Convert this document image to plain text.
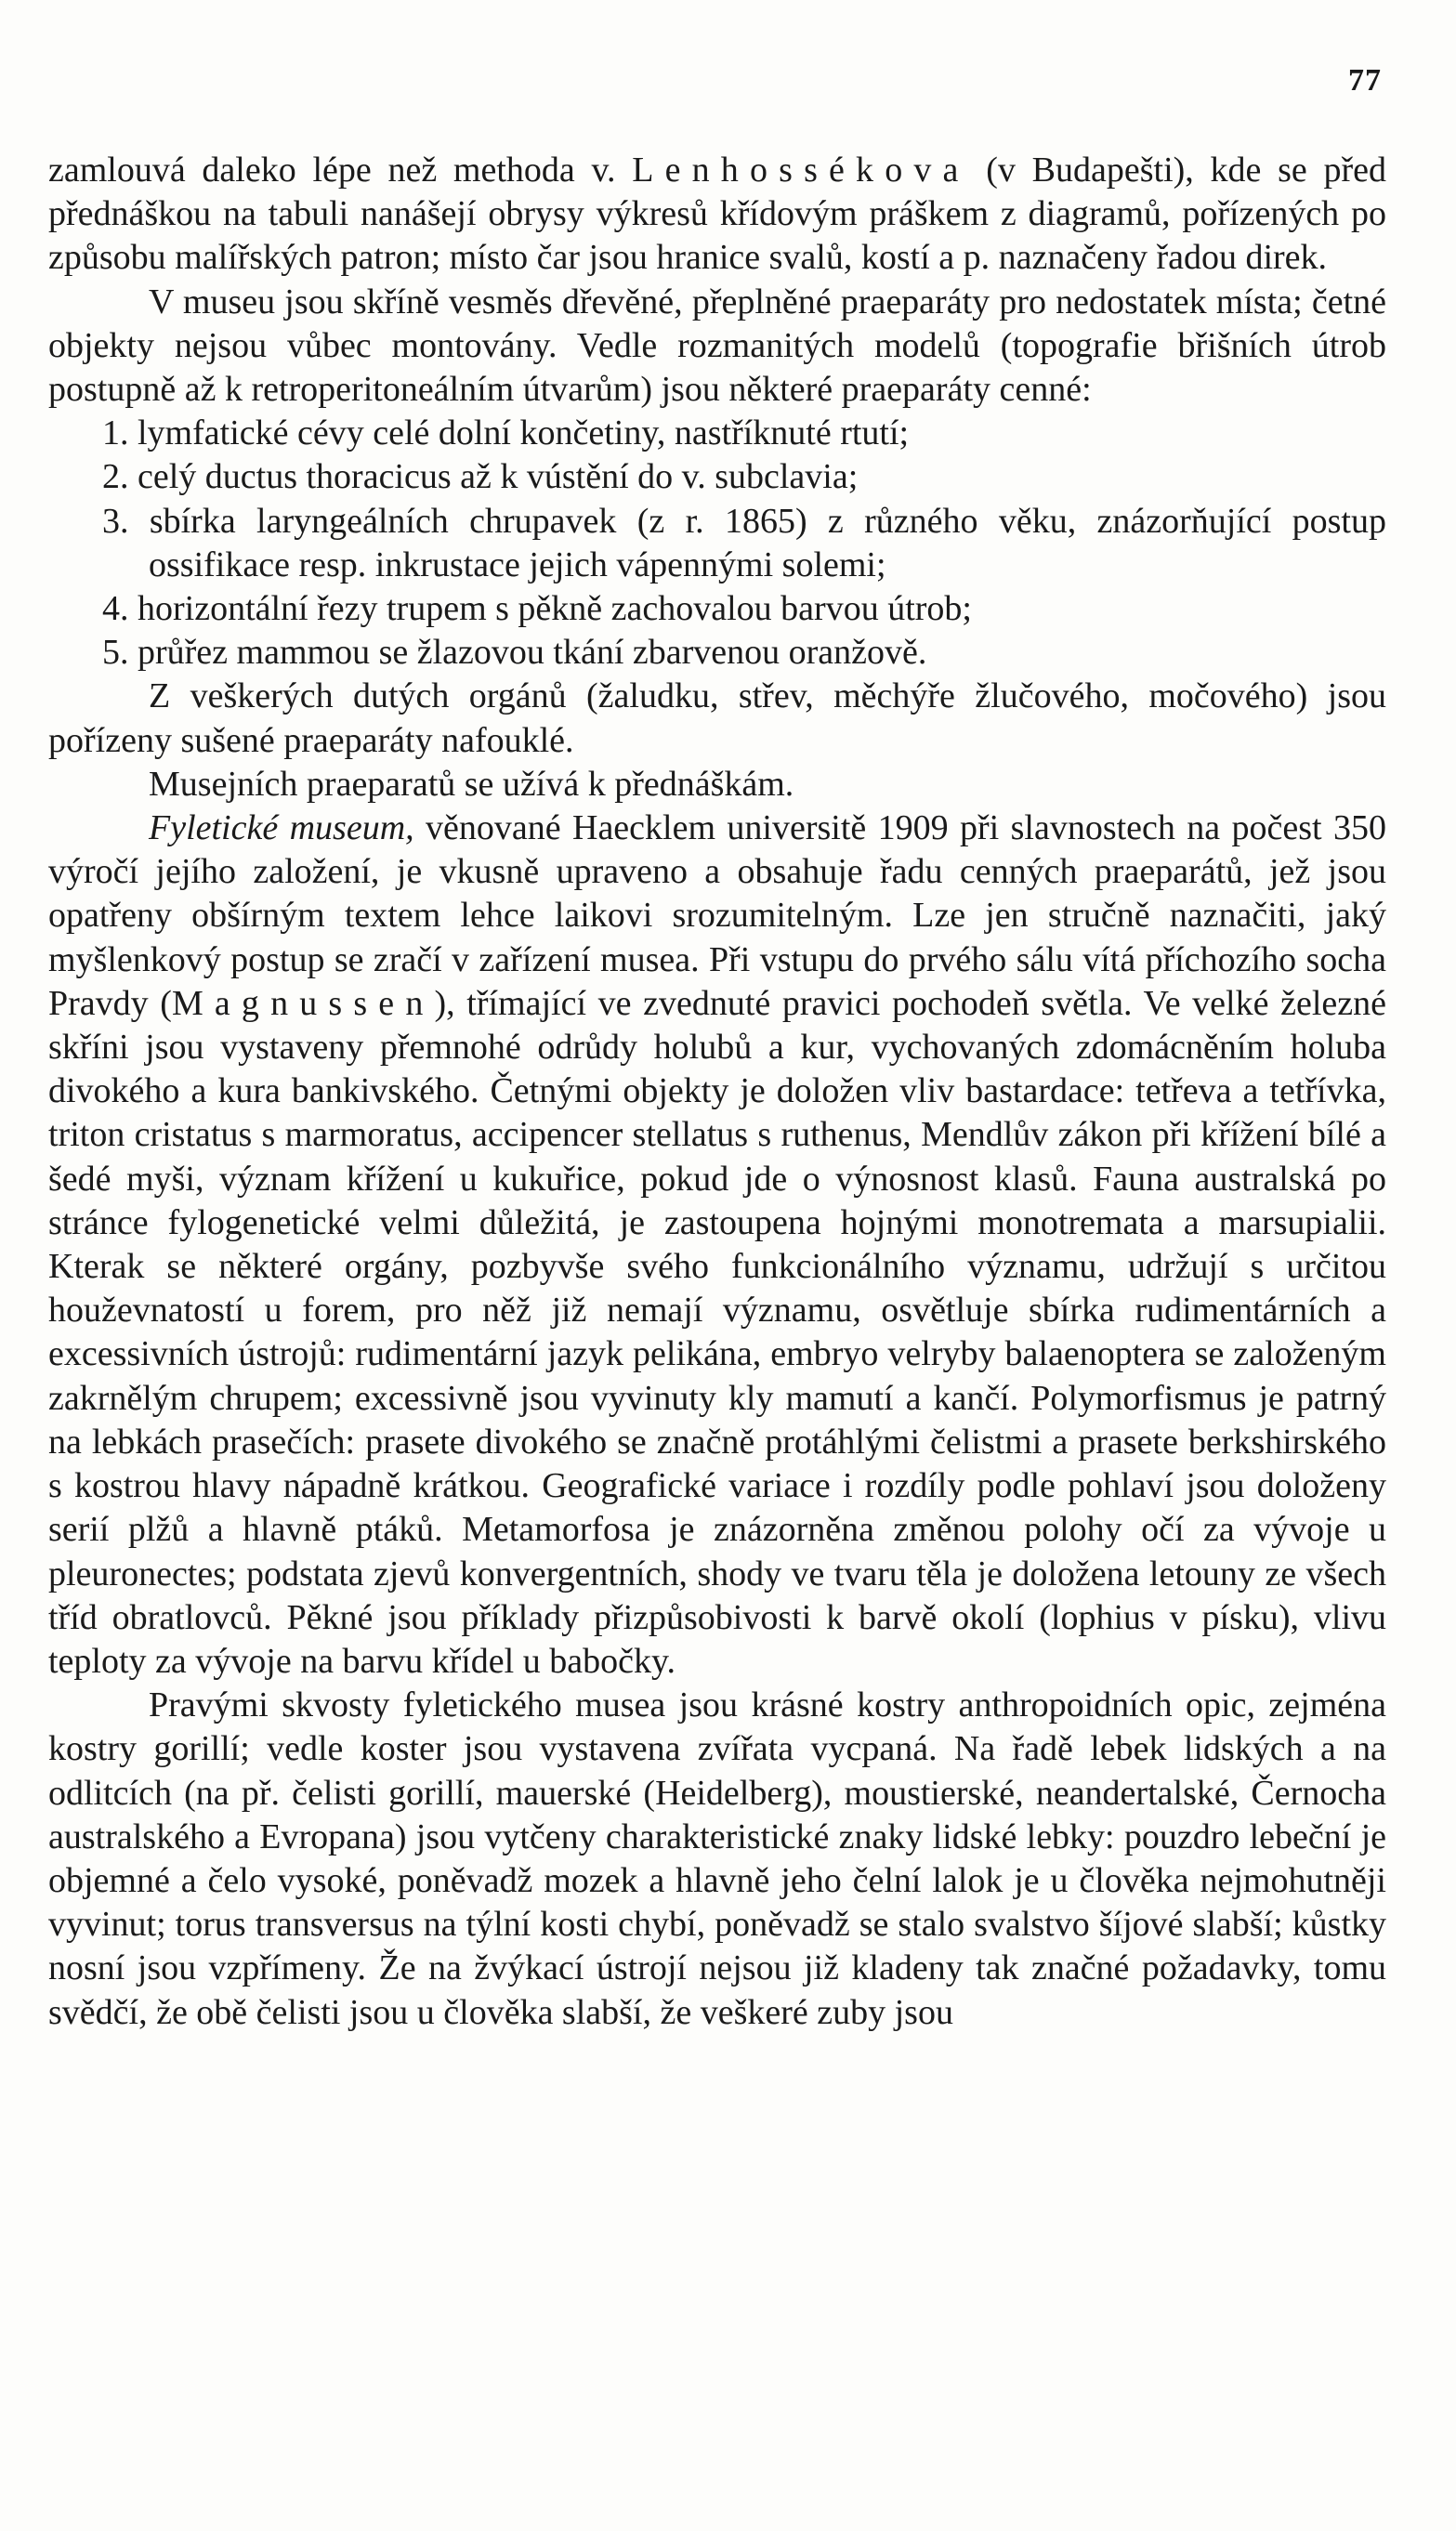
77

zamlouvá daleko lépe než methoda v. Lenhossékova (v Budapešti), kde se před přednáškou na tabuli nanášejí obrysy výkresů křídovým práškem z diagramů, pořízených po způsobu malířských patron; místo čar jsou hranice svalů, kostí a p. naznačeny řadou direk.

V museu jsou skříně vesměs dřevěné, přeplněné praeparáty pro nedostatek místa; četné objekty nejsou vůbec montovány. Vedle rozmanitých modelů (topografie břišních útrob postupně až k retroperitoneálním útvarům) jsou některé praeparáty cenné:

1. lymfatické cévy celé dolní končetiny, nastříknuté rtutí;

2. celý ductus thoracicus až k vústění do v. subclavia;

3. sbírka laryngeálních chrupavek (z r. 1865) z různého věku, znázorňující postup ossifikace resp. inkrustace jejich vápennými solemi;

4. horizontální řezy trupem s pěkně zachovalou barvou útrob;

5. průřez mammou se žlazovou tkání zbarvenou oranžově.

Z veškerých dutých orgánů (žaludku, střev, měchýře žlučového, močového) jsou pořízeny sušené praeparáty nafouklé.

Musejních praeparatů se užívá k přednáškám.

Fyletické museum, věnované Haecklem universitě 1909 při slavnostech na počest 350 výročí jejího založení, je vkusně upraveno a obsahuje řadu cenných praeparátů, jež jsou opatřeny obšírným textem lehce laikovi srozumitelným. Lze jen stručně naznačiti, jaký myšlenkový postup se zračí v zařízení musea. Při vstupu do prvého sálu vítá příchozího socha Pravdy (Magnussen), třímající ve zvednuté pravici pochodeň světla. Ve velké železné skříni jsou vystaveny přemnohé odrůdy holubů a kur, vychovaných zdomácněním holuba divokého a kura bankivského. Četnými objekty je doložen vliv bastardace: tetřeva a tetřívka, triton cristatus s marmoratus, accipencer stellatus s ruthenus, Mendlův zákon při křížení bílé a šedé myši, význam křížení u kukuřice, pokud jde o výnosnost klasů. Fauna australská po stránce fylogenetické velmi důležitá, je zastoupena hojnými monotremata a marsupialii. Kterak se některé orgány, pozbyvše svého funkcionálního významu, udržují s určitou houževnatostí u forem, pro něž již nemají významu, osvětluje sbírka rudimentárních a excessivních ústrojů: rudimentární jazyk pelikána, embryo velryby balaenoptera se založeným zakrnělým chrupem; excessivně jsou vyvinuty kly mamutí a kančí. Polymorfismus je patrný na lebkách prasečích: prasete divokého se značně protáhlými čelistmi a prasete berkshirského s kostrou hlavy nápadně krátkou. Geografické variace i rozdíly podle pohlaví jsou doloženy serií plžů a hlavně ptáků. Metamorfosa je znázorněna změnou polohy očí za vývoje u pleuronectes; podstata zjevů konvergentních, shody ve tvaru těla je doložena letouny ze všech tříd obratlovců. Pěkné jsou příklady přizpůsobivosti k barvě okolí (lophius v písku), vlivu teploty za vývoje na barvu křídel u babočky.

Pravými skvosty fyletického musea jsou krásné kostry anthropoidních opic, zejména kostry gorillí; vedle koster jsou vystavena zvířata vycpaná. Na řadě lebek lidských a na odlitcích (na př. čelisti gorillí, mauerské (Heidelberg), moustierské, neandertalské, Černocha australského a Evropana) jsou vytčeny charakteristické znaky lidské lebky: pouzdro lebeční je objemné a čelo vysoké, poněvadž mozek a hlavně jeho čelní lalok je u člověka nejmohutněji vyvinut; torus transversus na týlní kosti chybí, poněvadž se stalo svalstvo šíjové slabší; kůstky nosní jsou vzpřímeny. Že na žvýkací ústrojí nejsou již kladeny tak značné požadavky, tomu svědčí, že obě čelisti jsou u člověka slabší, že veškeré zuby jsou
